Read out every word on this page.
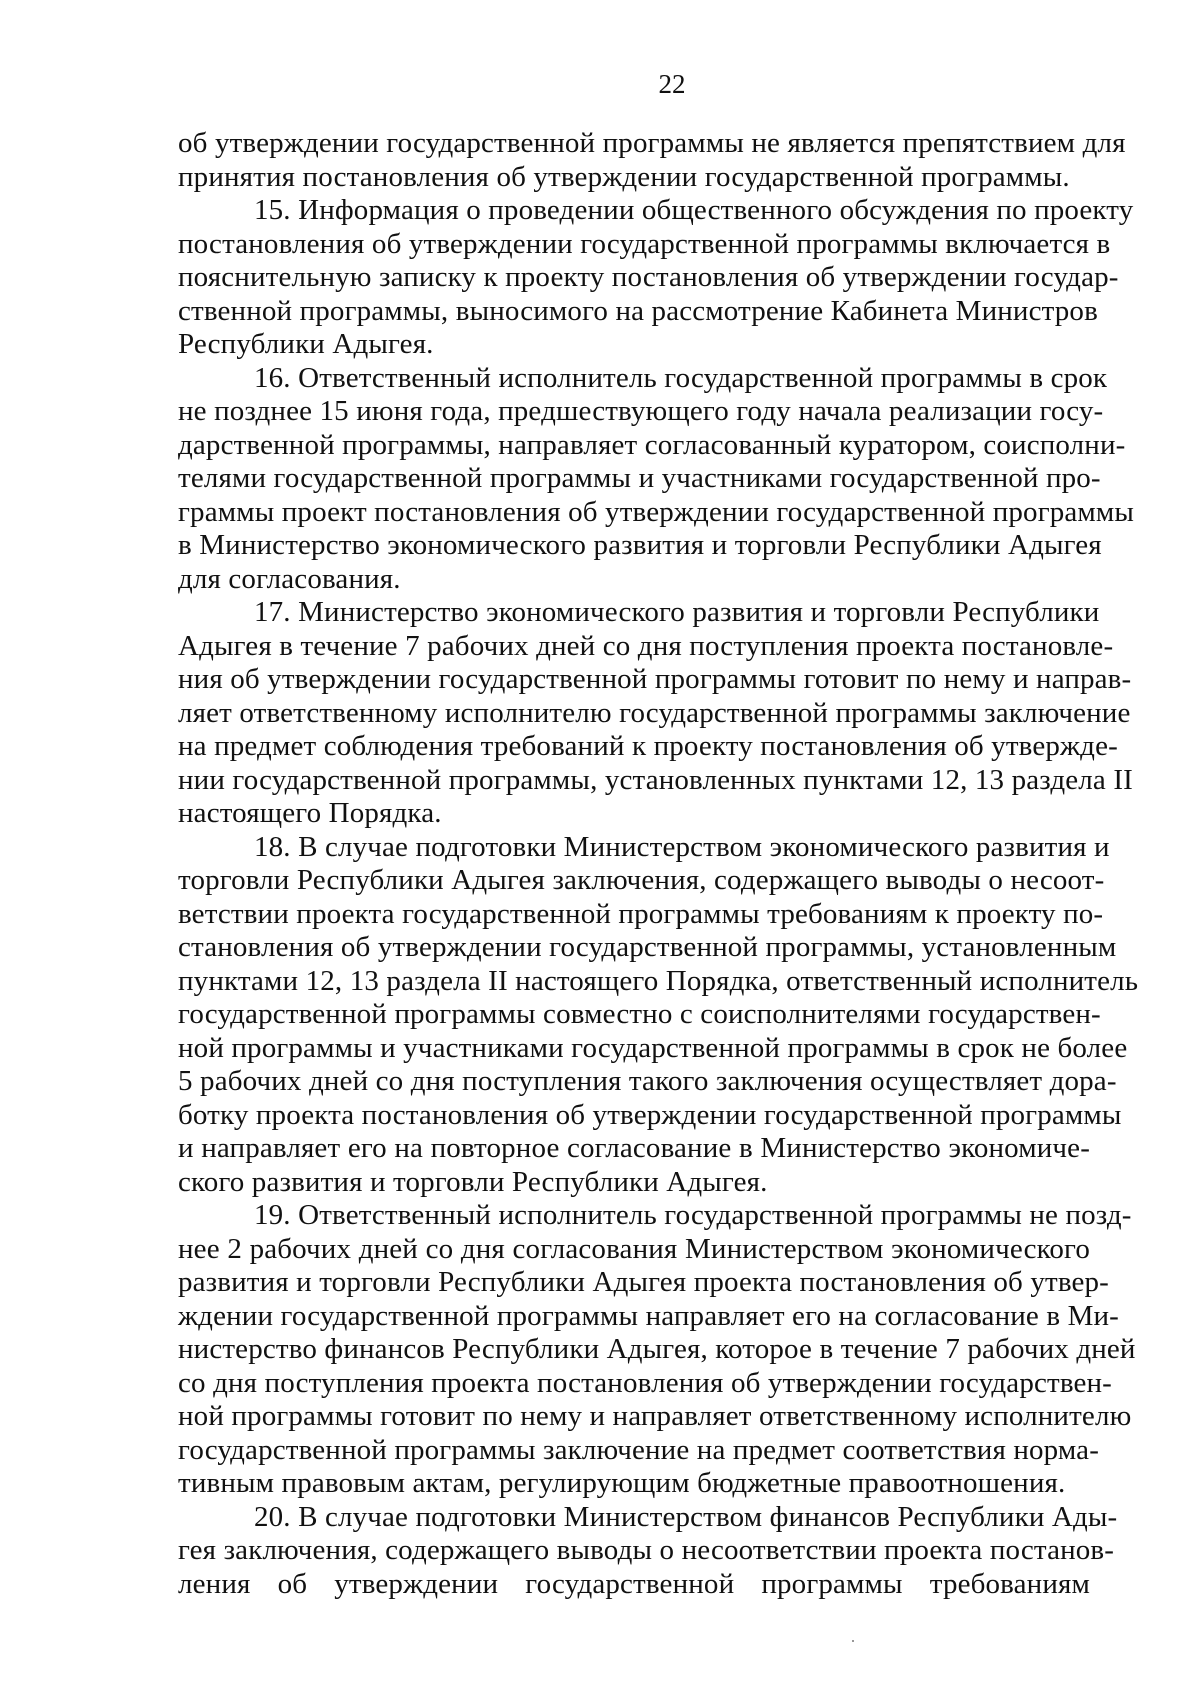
22
об утверждении государственной программы не является препятствием для
принятия постановления об утверждении государственной программы.
15. Информация о проведении общественного обсуждения по проекту
постановления об утверждении государственной программы включается в
пояснительную записку к проекту постановления об утверждении государ-
ственной программы, выносимого на рассмотрение Кабинета Министров
Республики Адыгея.
16. Ответственный исполнитель государственной программы в срок
не позднее 15 июня года, предшествующего году начала реализации госу-
дарственной программы, направляет согласованный куратором, соисполни-
телями государственной программы и участниками государственной про-
граммы проект постановления об утверждении государственной программы
в Министерство экономического развития и торговли Республики Адыгея
для согласования.
17. Министерство экономического развития и торговли Республики
Адыгея в течение 7 рабочих дней со дня поступления проекта постановле-
ния об утверждении государственной программы готовит по нему и направ-
ляет ответственному исполнителю государственной программы заключение
на предмет соблюдения требований к проекту постановления об утвержде-
нии государственной программы, установленных пунктами 12, 13 раздела II
настоящего Порядка.
18. В случае подготовки Министерством экономического развития и
торговли Республики Адыгея заключения, содержащего выводы о несоот-
ветствии проекта государственной программы требованиям к проекту по-
становления об утверждении государственной программы, установленным
пунктами 12, 13 раздела II настоящего Порядка, ответственный исполнитель
государственной программы совместно с соисполнителями государствен-
ной программы и участниками государственной программы в срок не более
5 рабочих дней со дня поступления такого заключения осуществляет дора-
ботку проекта постановления об утверждении государственной программы
и направляет его на повторное согласование в Министерство экономиче-
ского развития и торговли Республики Адыгея.
19. Ответственный исполнитель государственной программы не позд-
нее 2 рабочих дней со дня согласования Министерством экономического
развития и торговли Республики Адыгея проекта постановления об утвер-
ждении государственной программы направляет его на согласование в Ми-
нистерство финансов Республики Адыгея, которое в течение 7 рабочих дней
со дня поступления проекта постановления об утверждении государствен-
ной программы готовит по нему и направляет ответственному исполнителю
государственной программы заключение на предмет соответствия норма-
тивным правовым актам, регулирующим бюджетные правоотношения.
20. В случае подготовки Министерством финансов Республики Ады-
гея заключения, содержащего выводы о несоответствии проекта постанов-
ления об утверждении государственной программы требованиям
